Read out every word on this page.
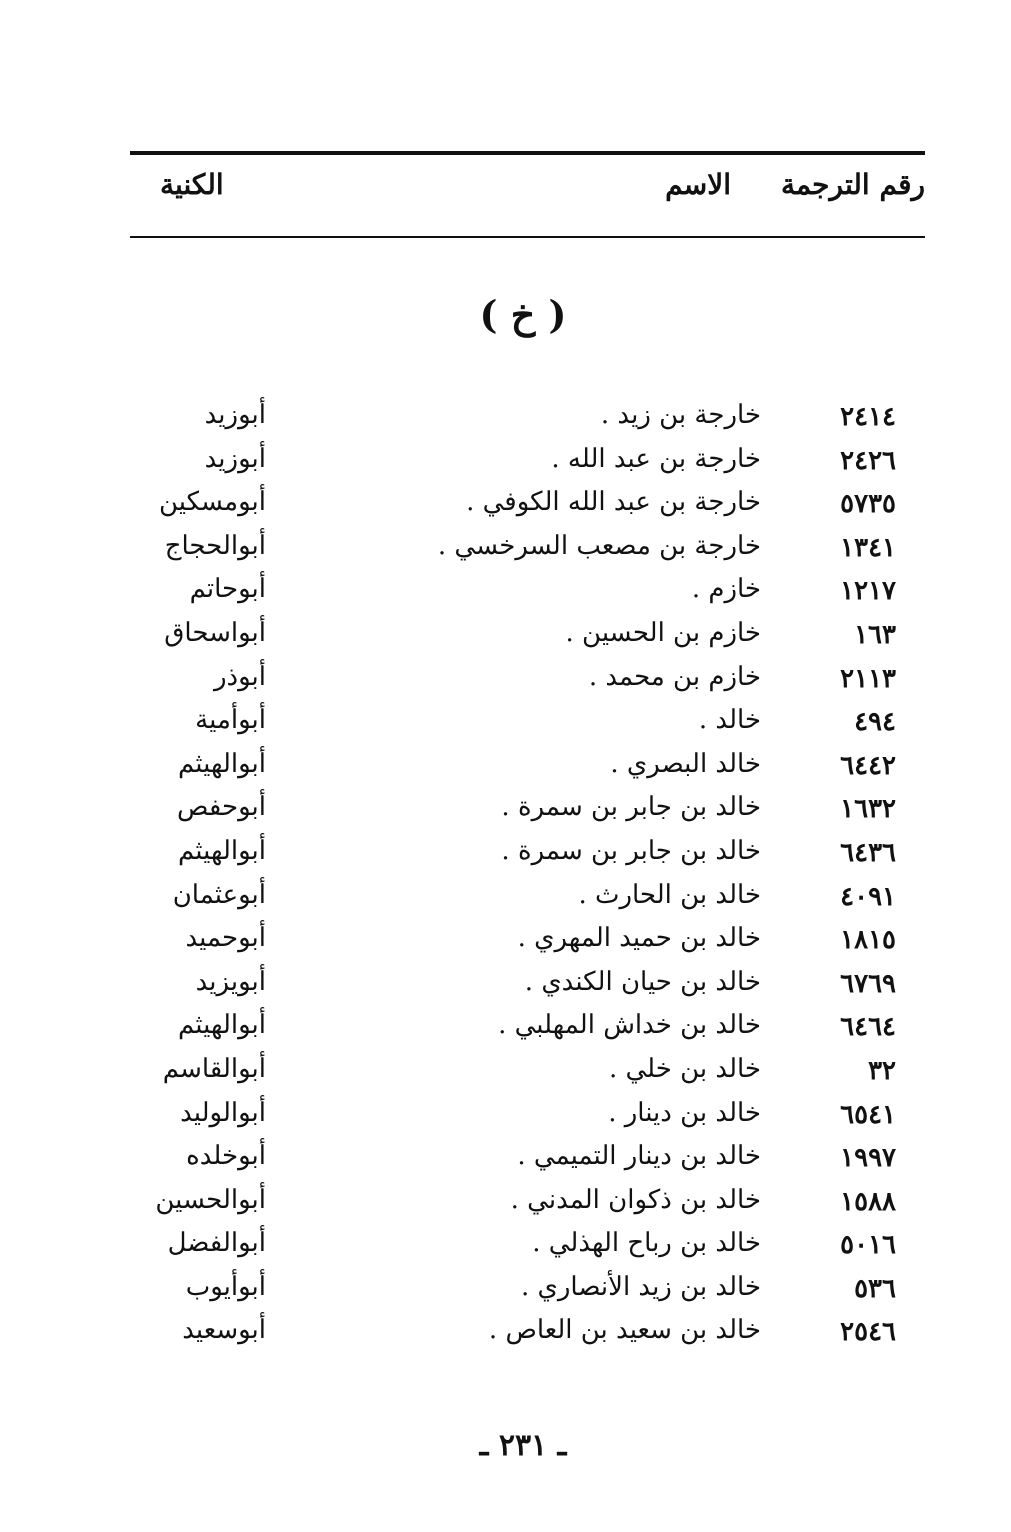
رقم الترجمة
الاسم
الكنية
( خ )
٢٤١٤
خارجة بن زيد .
أبوزيد
٢٤٢٦
خارجة بن عبد الله .
أبوزيد
٥٧٣٥
خارجة بن عبد الله الكوفي .
أبومسكين
١٣٤١
خارجة بن مصعب السرخسي .
أبوالحجاج
١٢١٧
خازم .
أبوحاتم
١٦٣
خازم بن الحسين .
أبواسحاق
٢١١٣
خازم بن محمد .
أبوذر
٤٩٤
خالد .
أبوأمية
٦٤٤٢
خالد البصري .
أبوالهيثم
١٦٣٢
خالد بن جابر بن سمرة .
أبوحفص
٦٤٣٦
خالد بن جابر بن سمرة .
أبوالهيثم
٤٠٩١
خالد بن الحارث .
أبوعثمان
١٨١٥
خالد بن حميد المهري .
أبوحميد
٦٧٦٩
خالد بن حيان الكندي .
أبويزيد
٦٤٦٤
خالد بن خداش المهلبي .
أبوالهيثم
٣٢
خالد بن خلي .
أبوالقاسم
٦٥٤١
خالد بن دينار .
أبوالوليد
١٩٩٧
خالد بن دينار التميمي .
أبوخلده
١٥٨٨
خالد بن ذكوان المدني .
أبوالحسين
٥٠١٦
خالد بن رباح الهذلي .
أبوالفضل
٥٣٦
خالد بن زيد الأنصاري .
أبوأيوب
٢٥٤٦
خالد بن سعيد بن العاص .
أبوسعيد
ـ ٢٣١ ـ
